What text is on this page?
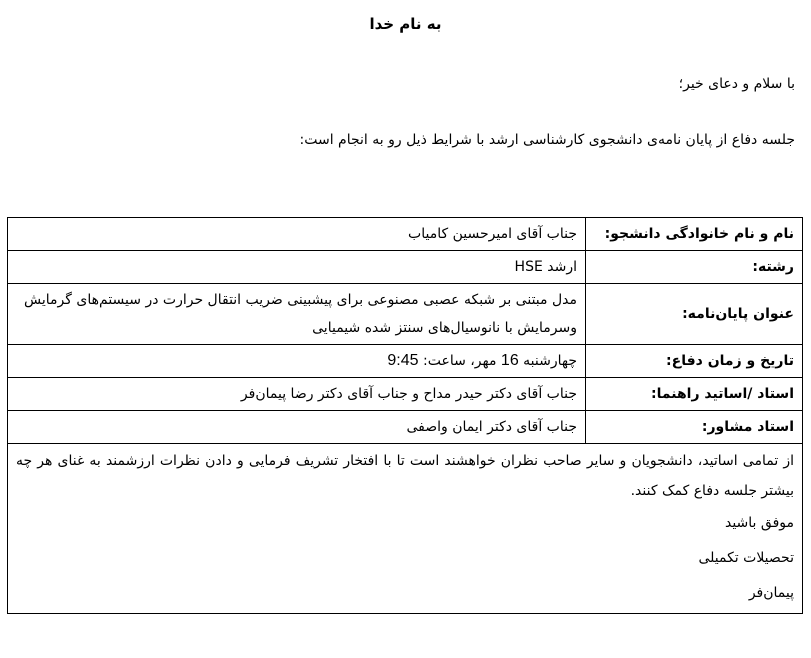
به نام خدا
با سلام و دعای خیر؛
جلسه دفاع از پایان نامه‌ی دانشجوی کارشناسی ارشد با شرایط ذیل رو به انجام است:
نام و نام خانوادگی دانشجو:	جناب آقای امیرحسین کامیاب
رشته:	ارشد HSE
عنوان پایان‌نامه:	مدل مبتنی بر شبکه عصبی مصنوعی برای پیشبینی ضریب انتقال حرارت در سیستم‌های گرمایش وسرمایش با نانوسیال‌های سنتز شده شیمیایی
تاریخ و زمان دفاع:	چهارشنبه 16 مهر، ساعت: 9:45
استاد /اساتید راهنما:	جناب آقای دکتر حیدر مداح و جناب آقای دکتر رضا پیمان‌فر
استاد مشاور:	جناب آقای دکتر ایمان واصفی

از تمامی اساتید، دانشجویان و سایر صاحب نظران خواهشند است تا با افتخار تشریف فرمایی و دادن نظرات ارزشمند به غنای هر چه بیشتر جلسه دفاع کمک کنند.
موفق باشید
تحصیلات تکمیلی
پیمان‌فر	
